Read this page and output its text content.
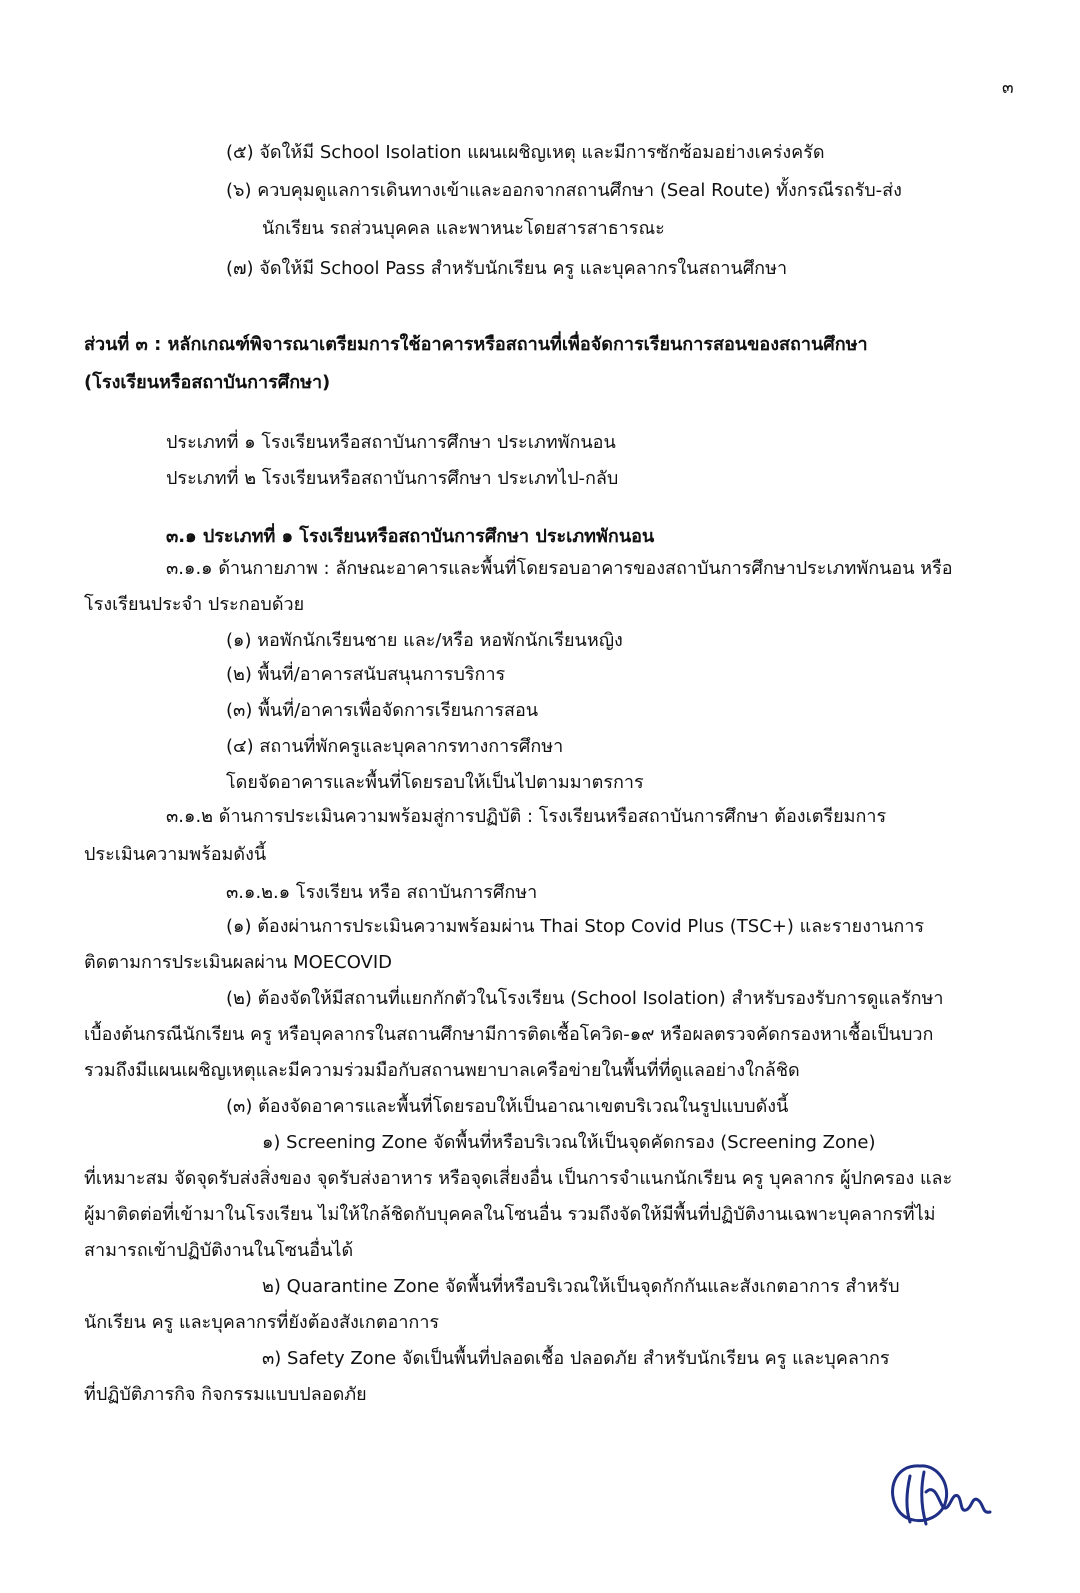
๓
(๕) จัดให้มี School Isolation แผนเผชิญเหตุ และมีการซักซ้อมอย่างเคร่งครัด
(๖) ควบคุมดูแลการเดินทางเข้าและออกจากสถานศึกษา (Seal Route) ทั้งกรณีรถรับ-ส่ง
นักเรียน รถส่วนบุคคล และพาหนะโดยสารสาธารณะ
(๗) จัดให้มี School Pass สำหรับนักเรียน ครู และบุคลากรในสถานศึกษา
ส่วนที่ ๓ : หลักเกณฑ์พิจารณาเตรียมการใช้อาคารหรือสถานที่เพื่อจัดการเรียนการสอนของสถานศึกษา
(โรงเรียนหรือสถาบันการศึกษา)
ประเภทที่ ๑ โรงเรียนหรือสถาบันการศึกษา ประเภทพักนอน
ประเภทที่ ๒ โรงเรียนหรือสถาบันการศึกษา ประเภทไป-กลับ
๓.๑ ประเภทที่ ๑ โรงเรียนหรือสถาบันการศึกษา ประเภทพักนอน
๓.๑.๑ ด้านกายภาพ : ลักษณะอาคารและพื้นที่โดยรอบอาคารของสถาบันการศึกษาประเภทพักนอน หรือ
โรงเรียนประจำ ประกอบด้วย
(๑) หอพักนักเรียนชาย และ/หรือ หอพักนักเรียนหญิง
(๒) พื้นที่/อาคารสนับสนุนการบริการ
(๓) พื้นที่/อาคารเพื่อจัดการเรียนการสอน
(๔) สถานที่พักครูและบุคลากรทางการศึกษา
โดยจัดอาคารและพื้นที่โดยรอบให้เป็นไปตามมาตรการ
๓.๑.๒ ด้านการประเมินความพร้อมสู่การปฏิบัติ : โรงเรียนหรือสถาบันการศึกษา ต้องเตรียมการ
ประเมินความพร้อมดังนี้
๓.๑.๒.๑ โรงเรียน หรือ สถาบันการศึกษา
(๑) ต้องผ่านการประเมินความพร้อมผ่าน Thai Stop Covid Plus (TSC+) และรายงานการ
ติดตามการประเมินผลผ่าน MOECOVID
(๒) ต้องจัดให้มีสถานที่แยกกักตัวในโรงเรียน (School Isolation) สำหรับรองรับการดูแลรักษา
เบื้องต้นกรณีนักเรียน ครู หรือบุคลากรในสถานศึกษามีการติดเชื้อโควิด-๑๙ หรือผลตรวจคัดกรองหาเชื้อเป็นบวก
รวมถึงมีแผนเผชิญเหตุและมีความร่วมมือกับสถานพยาบาลเครือข่ายในพื้นที่ที่ดูแลอย่างใกล้ชิด
(๓) ต้องจัดอาคารและพื้นที่โดยรอบให้เป็นอาณาเขตบริเวณในรูปแบบดังนี้
๑) Screening Zone จัดพื้นที่หรือบริเวณให้เป็นจุดคัดกรอง (Screening Zone)
ที่เหมาะสม จัดจุดรับส่งสิ่งของ จุดรับส่งอาหาร หรือจุดเสี่ยงอื่น เป็นการจำแนกนักเรียน ครู บุคลากร ผู้ปกครอง และ
ผู้มาติดต่อที่เข้ามาในโรงเรียน ไม่ให้ใกล้ชิดกับบุคคลในโซนอื่น รวมถึงจัดให้มีพื้นที่ปฏิบัติงานเฉพาะบุคลากรที่ไม่
สามารถเข้าปฏิบัติงานในโซนอื่นได้
๒) Quarantine Zone จัดพื้นที่หรือบริเวณให้เป็นจุดกักกันและสังเกตอาการ สำหรับ
นักเรียน ครู และบุคลากรที่ยังต้องสังเกตอาการ
๓) Safety Zone จัดเป็นพื้นที่ปลอดเชื้อ ปลอดภัย สำหรับนักเรียน ครู และบุคลากร
ที่ปฏิบัติภารกิจ กิจกรรมแบบปลอดภัย
